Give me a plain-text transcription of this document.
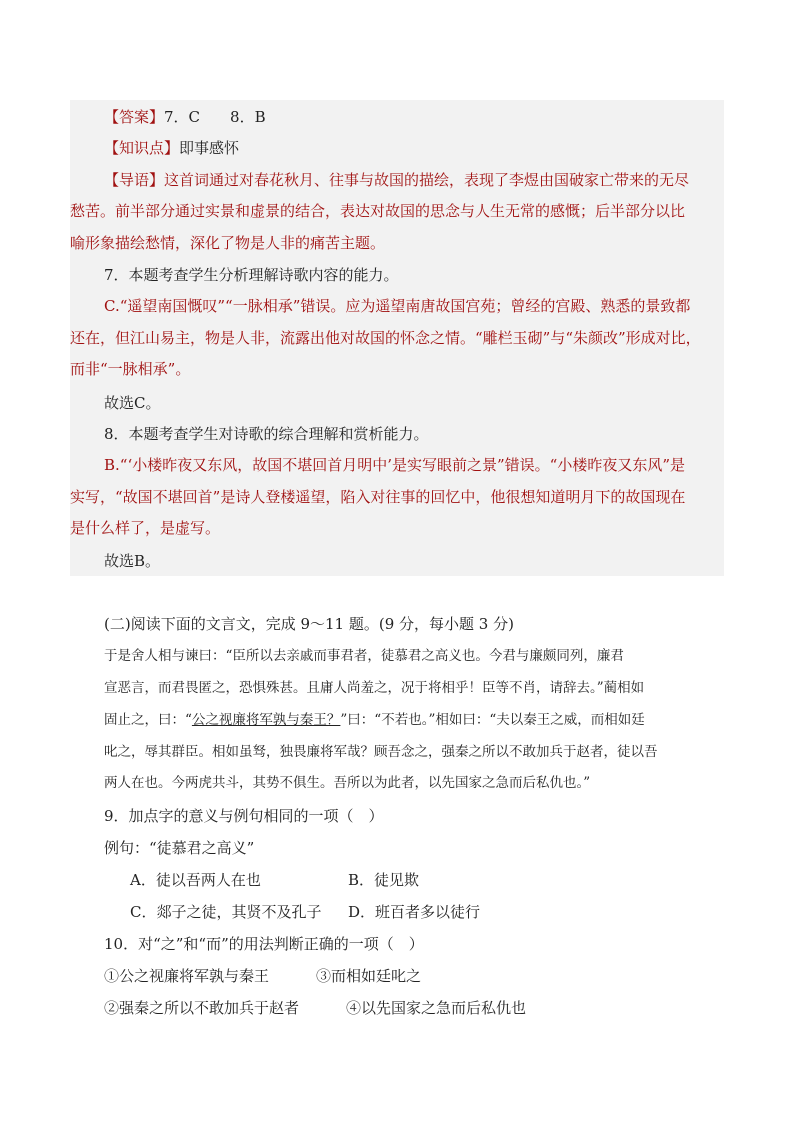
【答案】7．C　　8．B
【知识点】即事感怀
【导语】这首词通过对春花秋月、往事与故国的描绘，表现了李煜由国破家亡带来的无尽
愁苦。前半部分通过实景和虚景的结合，表达对故国的思念与人生无常的感慨；后半部分以比
喻形象描绘愁情，深化了物是人非的痛苦主题。
7．本题考查学生分析理解诗歌内容的能力。
C.“遥望南国慨叹”“一脉相承”错误。应为遥望南唐故国宫苑；曾经的宫殿、熟悉的景致都
还在，但江山易主，物是人非，流露出他对故国的怀念之情。“雕栏玉砌”与“朱颜改”形成对比，
而非“一脉相承”。
故选C。
8．本题考查学生对诗歌的综合理解和赏析能力。
B.“‘小楼昨夜又东风，故国不堪回首月明中’是实写眼前之景”错误。“小楼昨夜又东风”是
实写，“故国不堪回首”是诗人登楼遥望，陷入对往事的回忆中，他很想知道明月下的故国现在
是什么样了，是虚写。
故选B。
(二)阅读下面的文言文，完成 9～11 题。(9 分，每小题 3 分)
于是舍人相与谏曰：“臣所以去亲戚而事君者，徒慕君之高义也。今君与廉颇同列，廉君
宣恶言，而君畏匿之，恐惧殊甚。且庸人尚羞之，况于将相乎！臣等不肖，请辞去。”蔺相如
固止之，曰：“公之视廉将军孰与秦王？”曰：“不若也。”相如曰：“夫以秦王之威，而相如廷
叱之，辱其群臣。相如虽驽，独畏廉将军哉？顾吾念之，强秦之所以不敢加兵于赵者，徒以吾
两人在也。今两虎共斗，其势不俱生。吾所以为此者，以先国家之急而后私仇也。”
9．加点字的意义与例句相同的一项（　）
例句：“徒慕君之高义”
A．徒以吾两人在也	B．徒见欺
C．郯子之徒，其贤不及孔子 D．班百者多以徒行
10．对“之”和“而”的用法判断正确的一项（　）
①公之视廉将军孰与秦王	③而相如廷叱之
②强秦之所以不敢加兵于赵者	④以先国家之急而后私仇也
